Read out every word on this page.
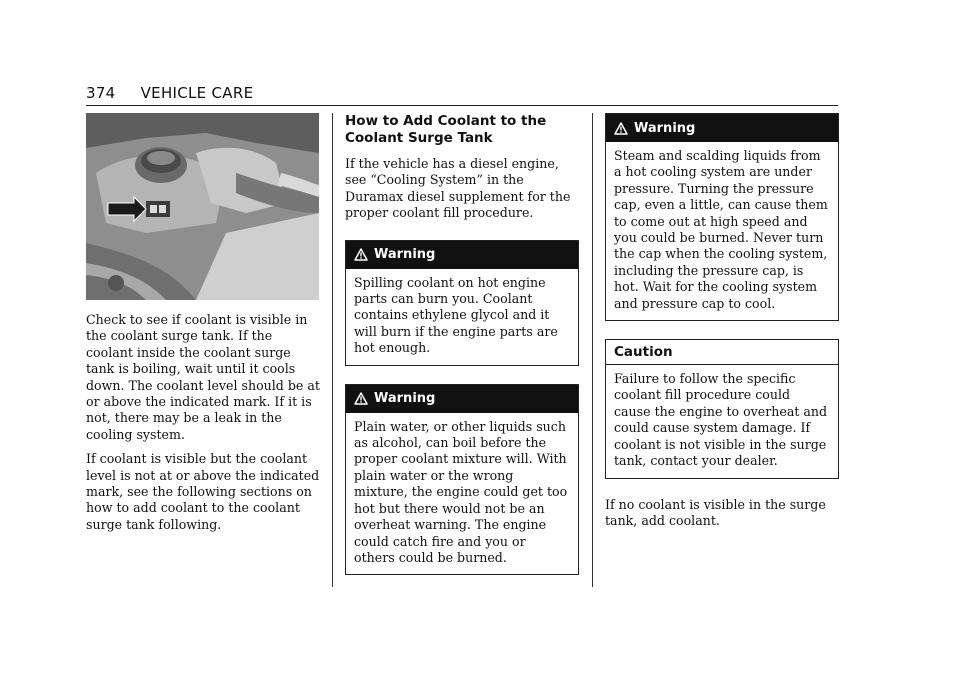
374 VEHICLE CARE

Check to see if coolant is visible in the coolant surge tank. If the coolant inside the coolant surge tank is boiling, wait until it cools down. The coolant level should be at or above the indicated mark. If it is not, there may be a leak in the cooling system.

If coolant is visible but the coolant level is not at or above the indicated mark, see the following sections on how to add coolant to the coolant surge tank following.

How to Add Coolant to the Coolant Surge Tank

If the vehicle has a diesel engine, see “Cooling System” in the Duramax diesel supplement for the proper coolant fill procedure.

Warning
Spilling coolant on hot engine parts can burn you. Coolant contains ethylene glycol and it will burn if the engine parts are hot enough.
Warning
Plain water, or other liquids such as alcohol, can boil before the proper coolant mixture will. With plain water or the wrong mixture, the engine could get too hot but there would not be an overheat warning. The engine could catch fire and you or others could be burned.
Warning
Steam and scalding liquids from a hot cooling system are under pressure. Turning the pressure cap, even a little, can cause them to come out at high speed and you could be burned. Never turn the cap when the cooling system, including the pressure cap, is hot. Wait for the cooling system and pressure cap to cool.
Caution
Failure to follow the specific coolant fill procedure could cause the engine to overheat and could cause system damage. If coolant is not visible in the surge tank, contact your dealer.

If no coolant is visible in the surge tank, add coolant.
